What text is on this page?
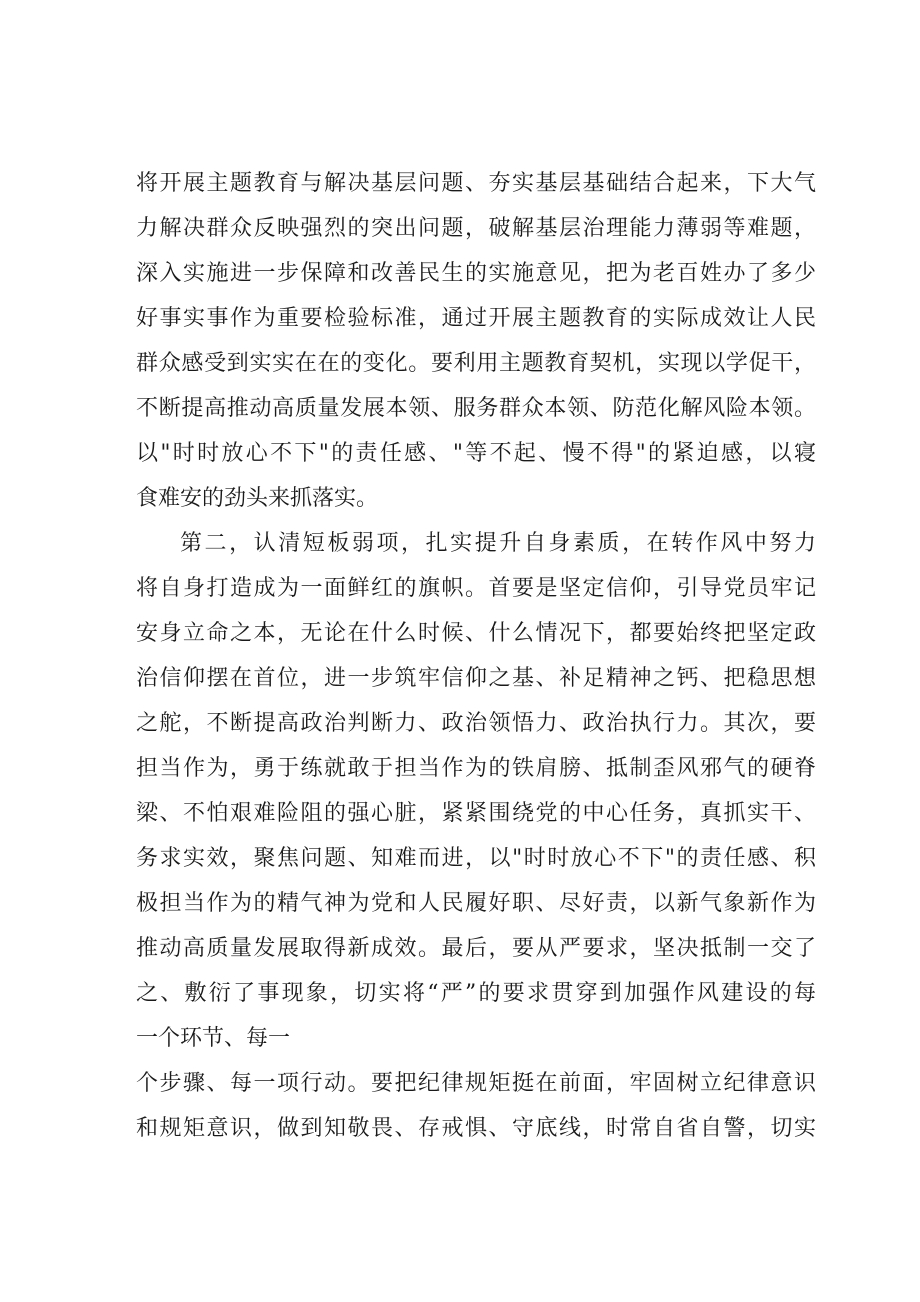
将开展主题教育与解决基层问题、夯实基层基础结合起来，下大气
力解决群众反映强烈的突出问题，破解基层治理能力薄弱等难题，
深入实施进一步保障和改善民生的实施意见，把为老百姓办了多少
好事实事作为重要检验标准，通过开展主题教育的实际成效让人民
群众感受到实实在在的变化。要利用主题教育契机，实现以学促干，
不断提高推动高质量发展本领、服务群众本领、防范化解风险本领。
以"时时放心不下"的责任感、"等不起、慢不得"的紧迫感，以寝
食难安的劲头来抓落实。
第二，认清短板弱项，扎实提升自身素质，在转作风中努力
将自身打造成为一面鲜红的旗帜。首要是坚定信仰，引导党员牢记
安身立命之本，无论在什么时候、什么情况下，都要始终把坚定政
治信仰摆在首位，进一步筑牢信仰之基、补足精神之钙、把稳思想
之舵，不断提高政治判断力、政治领悟力、政治执行力。其次，要
担当作为，勇于练就敢于担当作为的铁肩膀、抵制歪风邪气的硬脊
梁、不怕艰难险阻的强心脏，紧紧围绕党的中心任务，真抓实干、
务求实效，聚焦问题、知难而进，以"时时放心不下"的责任感、积
极担当作为的精气神为党和人民履好职、尽好责，以新气象新作为
推动高质量发展取得新成效。最后，要从严要求，坚决抵制一交了
之、敷衍了事现象，切实将“严”的要求贯穿到加强作风建设的每
一个环节、每一
个步骤、每一项行动。要把纪律规矩挺在前面，牢固树立纪律意识
和规矩意识，做到知敬畏、存戒惧、守底线，时常自省自警，切实
